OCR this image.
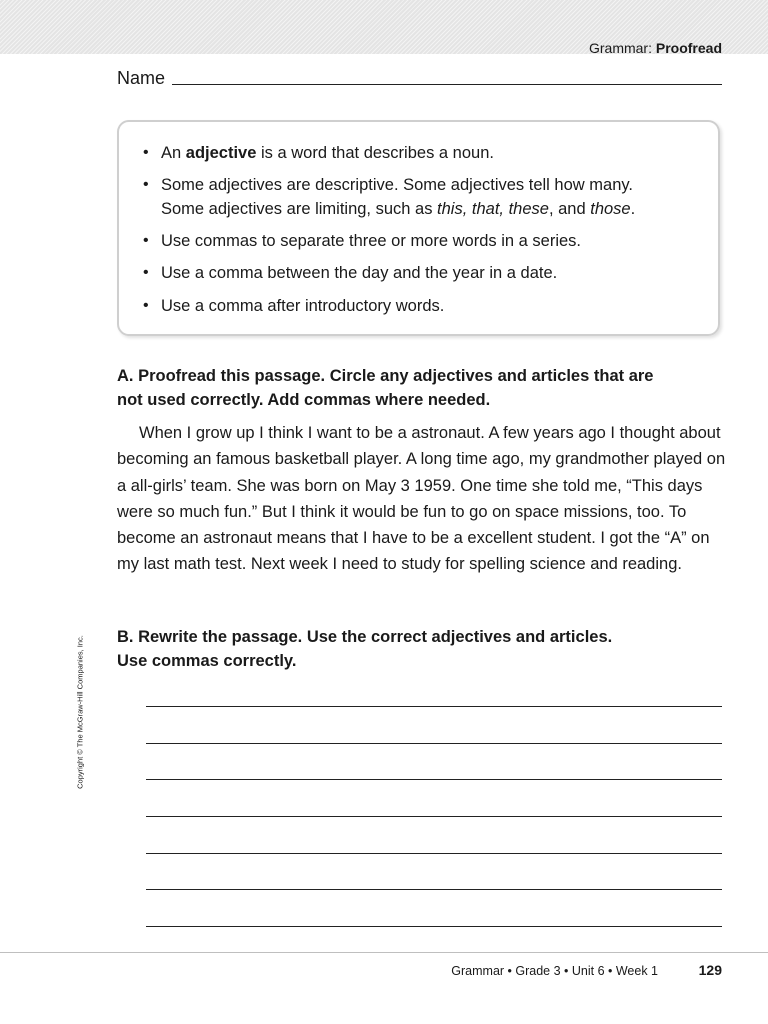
Grammar: Proofread
Name
• An adjective is a word that describes a noun.
• Some adjectives are descriptive. Some adjectives tell how many.
Some adjectives are limiting, such as this, that, these, and those.
• Use commas to separate three or more words in a series.
• Use a comma between the day and the year in a date.
• Use a comma after introductory words.
A. Proofread this passage. Circle any adjectives and articles that are
not used correctly. Add commas where needed.
When I grow up I think I want to be a astronaut. A few years ago I thought about becoming an famous basketball player. A long time ago, my grandmother played on a all-girls’ team. She was born on May 3 1959. One time she told me, “This days were so much fun.” But I think it would be fun to go on space missions, too. To become an astronaut means that I have to be a excellent student. I got the “A” on my last math test. Next week I need to study for spelling science and reading.
B. Rewrite the passage. Use the correct adjectives and articles.
Use commas correctly.
Copyright © The McGraw-Hill Companies, Inc.
Grammar • Grade 3 • Unit 6 • Week 1	129
